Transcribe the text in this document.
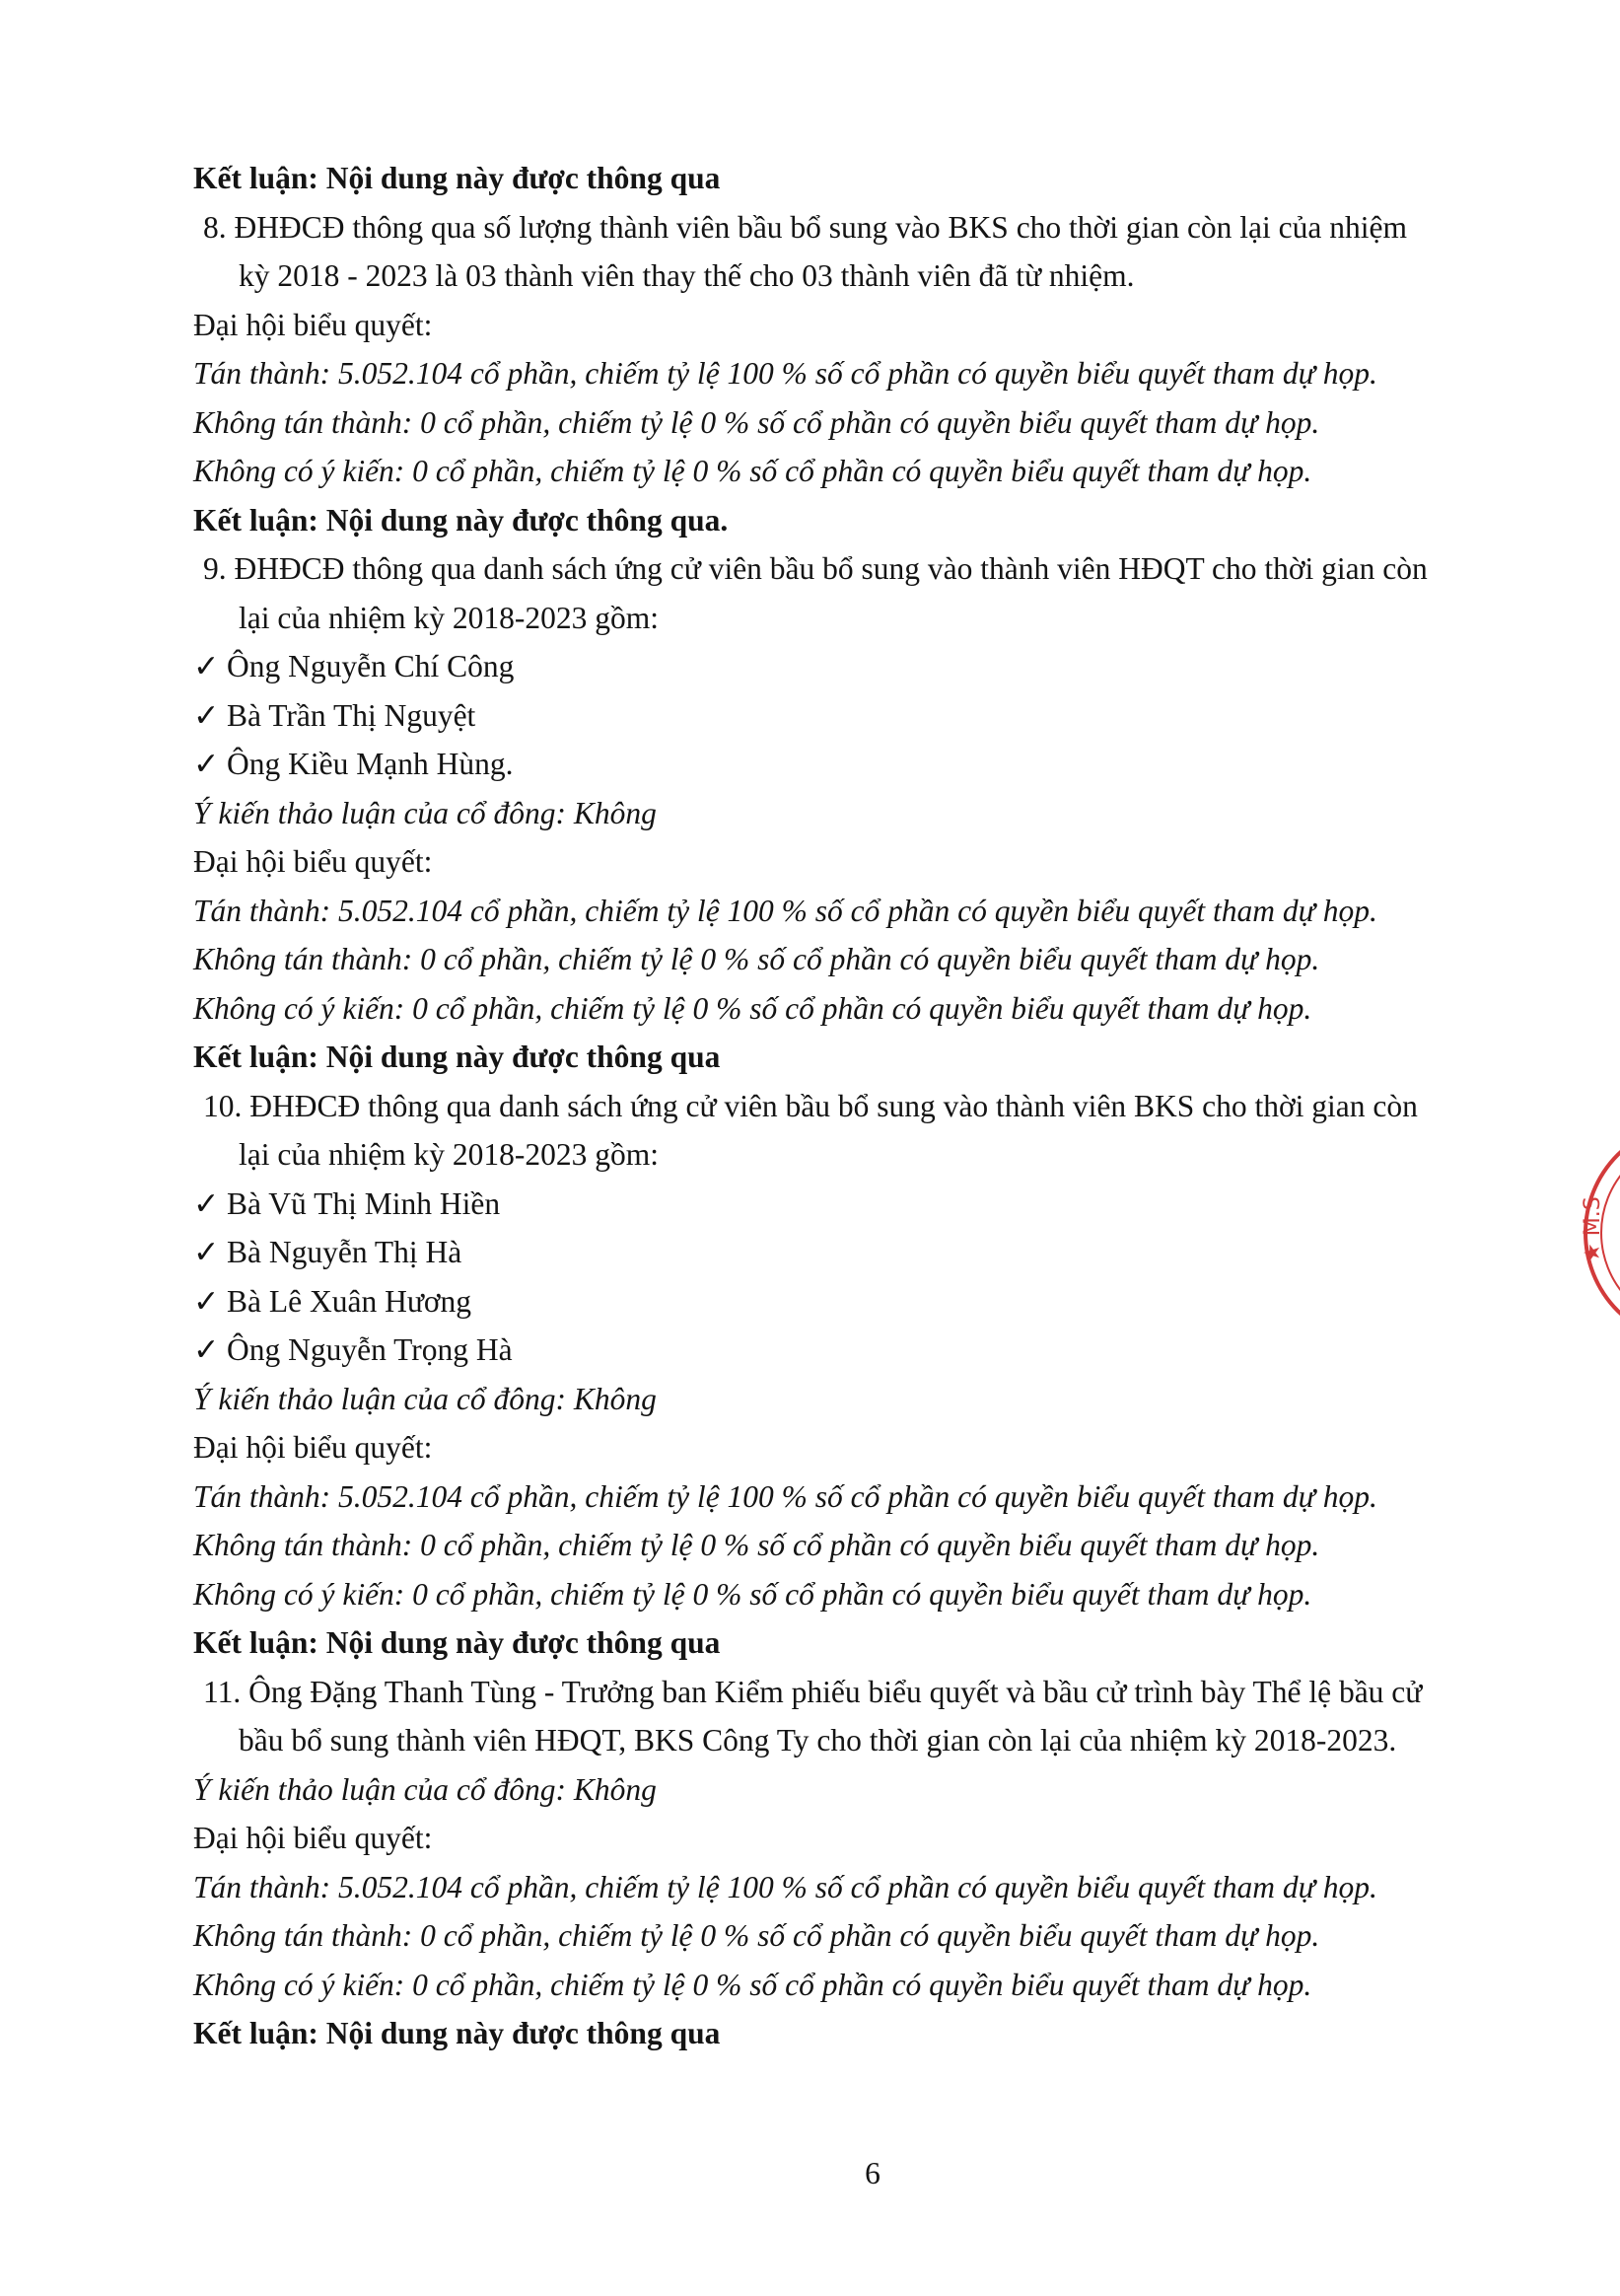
Kết luận: Nội dung này được thông qua
8. ĐHĐCĐ thông qua số lượng thành viên bầu bổ sung vào BKS cho thời gian còn lại của nhiệm
kỳ 2018 - 2023 là 03 thành viên thay thế cho 03 thành viên đã từ nhiệm.
Đại hội biểu quyết:
Tán thành: 5.052.104 cổ phần, chiếm tỷ lệ 100 % số cổ phần có quyền biểu quyết tham dự họp.
Không tán thành: 0 cổ phần, chiếm tỷ lệ 0 % số cổ phần có quyền biểu quyết tham dự họp.
Không có ý kiến: 0 cổ phần, chiếm tỷ lệ 0 % số cổ phần có quyền biểu quyết tham dự họp.
Kết luận: Nội dung này được thông qua.
9. ĐHĐCĐ thông qua danh sách ứng cử viên bầu bổ sung vào thành viên HĐQT cho thời gian còn
lại của nhiệm kỳ 2018-2023 gồm:
✓ Ông Nguyễn Chí Công
✓ Bà Trần Thị Nguyệt
✓ Ông Kiều Mạnh Hùng.
Ý kiến thảo luận của cổ đông: Không
Đại hội biểu quyết:
Tán thành: 5.052.104 cổ phần, chiếm tỷ lệ 100 % số cổ phần có quyền biểu quyết tham dự họp.
Không tán thành: 0 cổ phần, chiếm tỷ lệ 0 % số cổ phần có quyền biểu quyết tham dự họp.
Không có ý kiến: 0 cổ phần, chiếm tỷ lệ 0 % số cổ phần có quyền biểu quyết tham dự họp.
Kết luận: Nội dung này được thông qua
10. ĐHĐCĐ thông qua danh sách ứng cử viên bầu bổ sung vào thành viên BKS cho thời gian còn
lại của nhiệm kỳ 2018-2023 gồm:
✓ Bà Vũ Thị Minh Hiền
✓ Bà Nguyễn Thị Hà
✓ Bà Lê Xuân Hương
✓ Ông Nguyễn Trọng Hà
Ý kiến thảo luận của cổ đông: Không
Đại hội biểu quyết:
Tán thành: 5.052.104 cổ phần, chiếm tỷ lệ 100 % số cổ phần có quyền biểu quyết tham dự họp.
Không tán thành: 0 cổ phần, chiếm tỷ lệ 0 % số cổ phần có quyền biểu quyết tham dự họp.
Không có ý kiến: 0 cổ phần, chiếm tỷ lệ 0 % số cổ phần có quyền biểu quyết tham dự họp.
Kết luận: Nội dung này được thông qua
11. Ông Đặng Thanh Tùng - Trưởng ban Kiểm phiếu biểu quyết và bầu cử trình bày Thể lệ bầu cử
bầu bổ sung thành viên HĐQT, BKS Công Ty cho thời gian còn lại của nhiệm kỳ 2018-2023.
Ý kiến thảo luận của cổ đông: Không
Đại hội biểu quyết:
Tán thành: 5.052.104 cổ phần, chiếm tỷ lệ 100 % số cổ phần có quyền biểu quyết tham dự họp.
Không tán thành: 0 cổ phần, chiếm tỷ lệ 0 % số cổ phần có quyền biểu quyết tham dự họp.
Không có ý kiến: 0 cổ phần, chiếm tỷ lệ 0 % số cổ phần có quyền biểu quyết tham dự họp.
Kết luận: Nội dung này được thông qua
6
★ M.S
